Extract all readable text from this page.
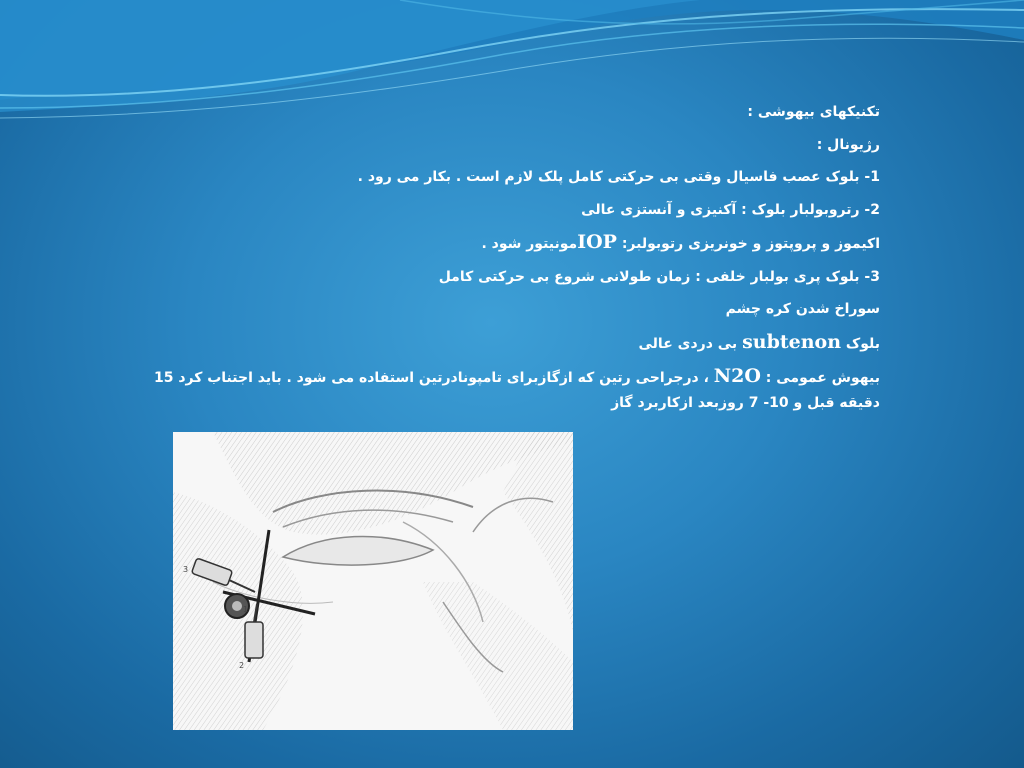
تکنیکهای بیهوشی :
رژیونال :
1- بلوک عصب فاسیال وقتی بی حرکتی کامل پلک لازم است . بکار می رود .
2- رتروبولبار بلوک : آکنیزی و آنستزی عالی
اکیموز و پروپتوز و خونریزی رتوبولبر: IOPمونیتور شود .
3- بلوک پری بولبار خلفی : زمان طولانی شروع بی حرکتی کامل
سوراخ شدن کره چشم
بلوک subtenon بی دردی عالی
بیهوش عمومی : N2O ، درجراحی رتین که ازگازبرای تامپونادرتین استفاده می شود . باید اجتناب کرد 15 دقیقه قبل و 10- 7 روزبعد ازکاربرد گاز
3
1
2
